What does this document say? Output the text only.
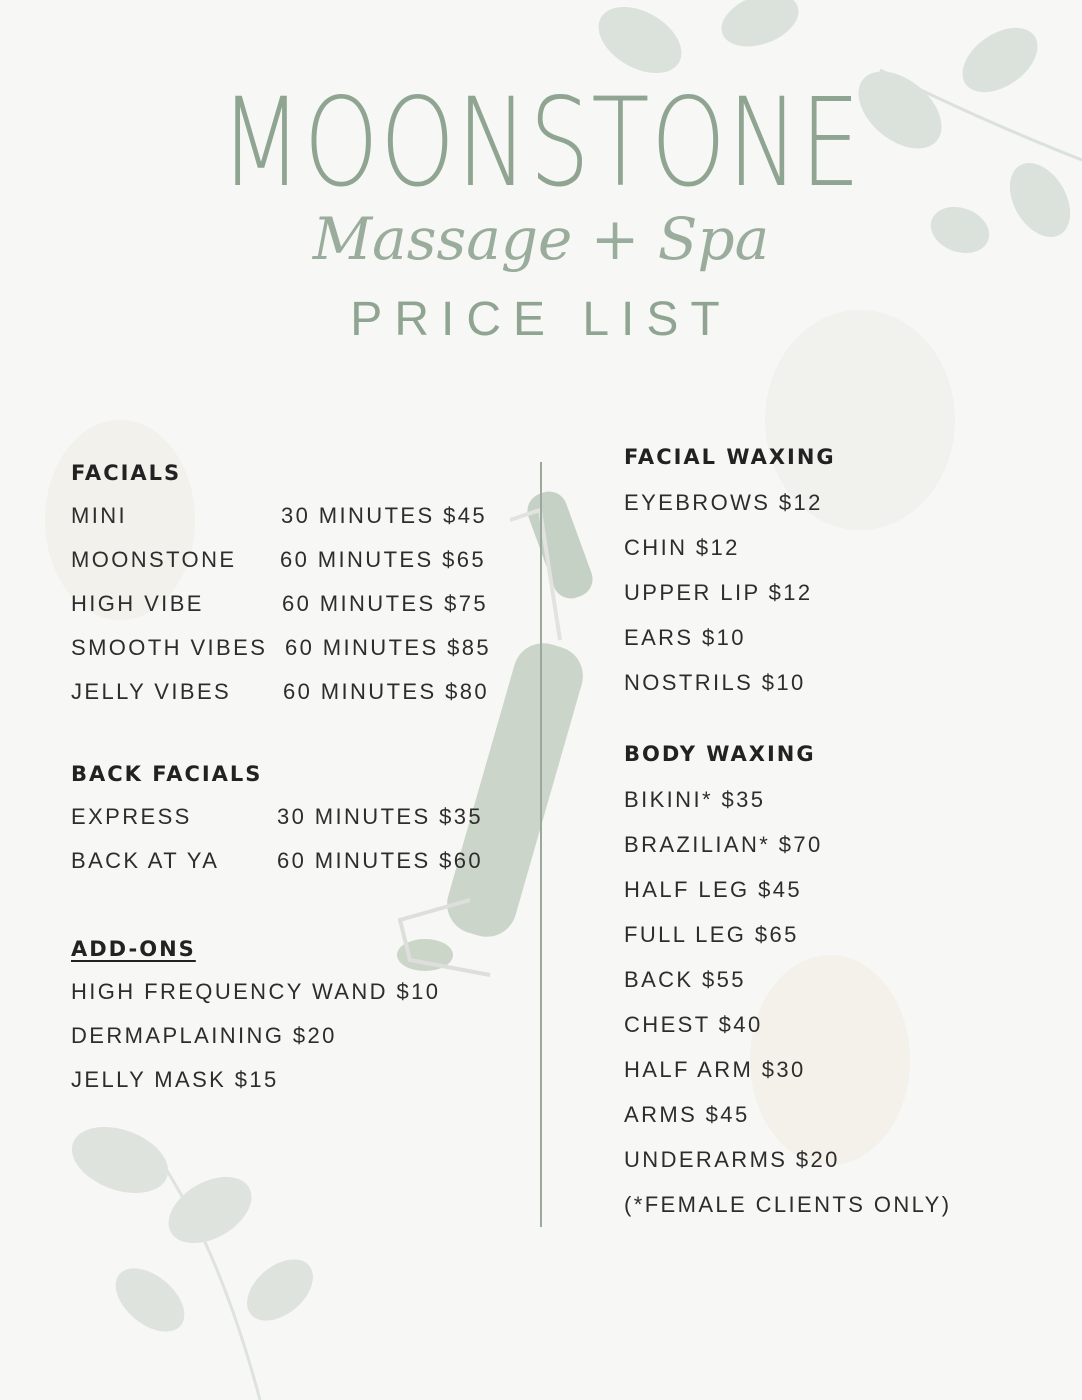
MOONSTONE
Massage + Spa
PRICE LIST
FACIALS
MINI	30 MINUTES $45
MOONSTONE 60 MINUTES $65
HIGH VIBE	60 MINUTES $75
SMOOTH VIBES 60 MINUTES $85
JELLY VIBES 60 MINUTES $80
BACK FACIALS
EXPRESS	30 MINUTES $35
BACK AT YA	60 MINUTES $60
ADD-ONS
HIGH FREQUENCY WAND $10
DERMAPLAINING $20
JELLY MASK $15
FACIAL WAXING
EYEBROWS $12
CHIN $12
UPPER LIP $12
EARS $10
NOSTRILS $10
BODY WAXING
BIKINI* $35
BRAZILIAN* $70
HALF LEG $45
FULL LEG $65
BACK $55
CHEST $40
HALF ARM $30
ARMS $45
UNDERARMS $20
(*FEMALE CLIENTS ONLY)
